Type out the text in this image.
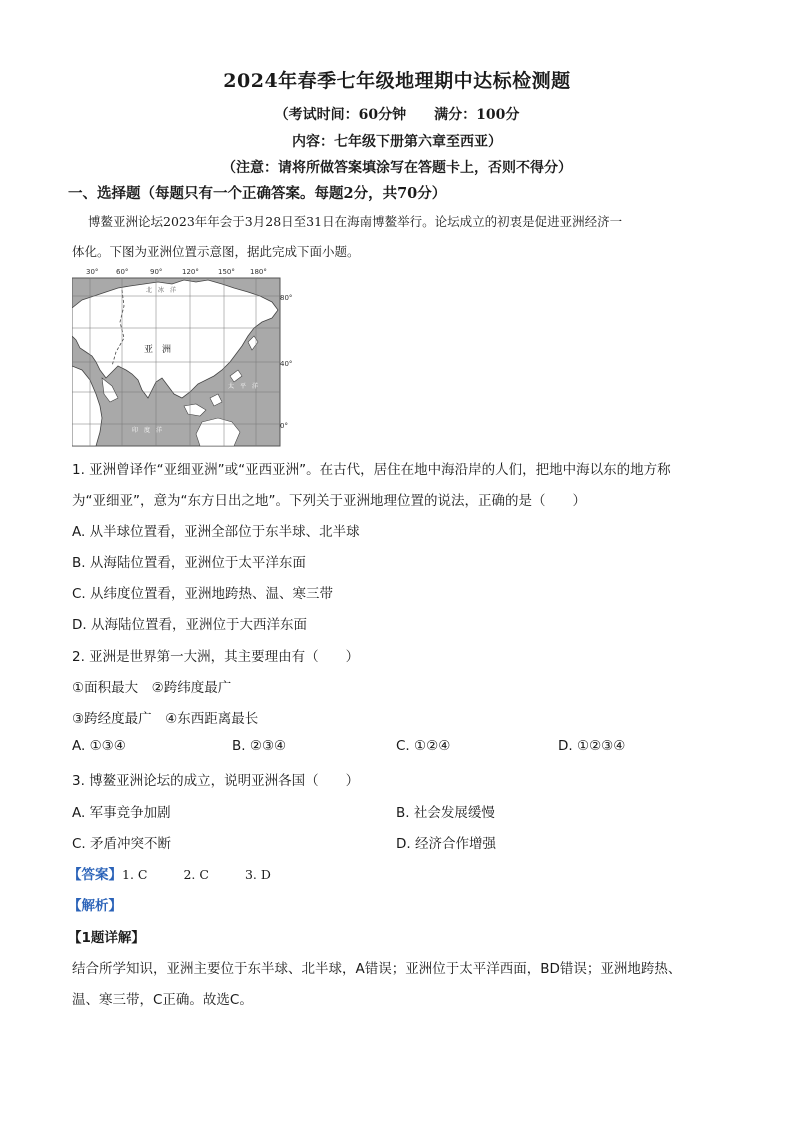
2024年春季七年级地理期中达标检测题
（考试时间：60分钟　　满分：100分
内容：七年级下册第六章至西亚）
（注意：请将所做答案填涂写在答题卡上，否则不得分）
一、选择题（每题只有一个正确答案。每题2分，共70分）
博鳌亚洲论坛2023年年会于3月28日至31日在海南博鳌举行。论坛成立的初衷是促进亚洲经济一
体化。下图为亚洲位置示意图，据此完成下面小题。
30°	60°	90°	120°	150° 180°
80°
40°
0°
北　冰　洋
亚　洲
太　平　洋
印　度　洋
1. 亚洲曾译作“亚细亚洲”或“亚西亚洲”。在古代，居住在地中海沿岸的人们，把地中海以东的地方称
为“亚细亚”，意为“东方日出之地”。下列关于亚洲地理位置的说法，正确的是（　　）
A. 从半球位置看，亚洲全部位于东半球、北半球
B. 从海陆位置看，亚洲位于太平洋东面
C. 从纬度位置看，亚洲地跨热、温、寒三带
D. 从海陆位置看，亚洲位于大西洋东面
2. 亚洲是世界第一大洲，其主要理由有（　　）
①面积最大　②跨纬度最广
③跨经度最广　④东西距离最长
A. ①③④	B. ②③④	C. ①②④	D. ①②③④
3. 博鳌亚洲论坛的成立，说明亚洲各国（　　）
A. 军事竞争加剧	B. 社会发展缓慢
C. 矛盾冲突不断	D. 经济合作增强
【答案】1. C	2. C	3. D
【解析】
【1题详解】
结合所学知识，亚洲主要位于东半球、北半球，A错误；亚洲位于太平洋西面，BD错误；亚洲地跨热、
温、寒三带，C正确。故选C。
